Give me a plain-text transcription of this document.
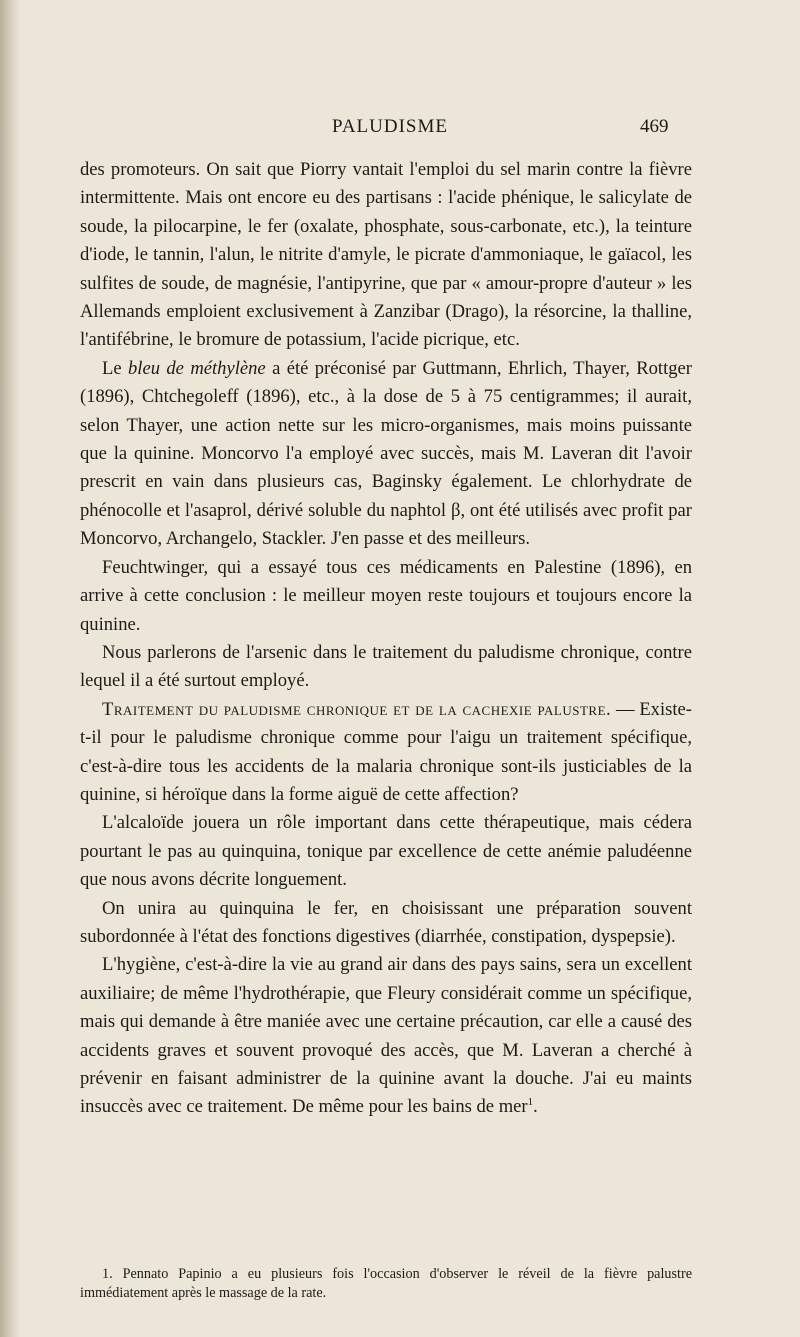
PALUDISME	469

des promoteurs. On sait que Piorry vantait l'emploi du sel marin contre la fièvre intermittente. Mais ont encore eu des partisans : l'acide phénique, le salicylate de soude, la pilocarpine, le fer (oxalate, phosphate, sous-carbonate, etc.), la teinture d'iode, le tannin, l'alun, le nitrite d'amyle, le picrate d'ammoniaque, le gaïacol, les sulfites de soude, de magnésie, l'antipyrine, que par « amour-propre d'auteur » les Allemands emploient exclusivement à Zanzibar (Drago), la résorcine, la thalline, l'antifébrine, le bromure de potassium, l'acide picrique, etc.

Le bleu de méthylène a été préconisé par Guttmann, Ehrlich, Thayer, Rottger (1896), Chtchegoleff (1896), etc., à la dose de 5 à 75 centigrammes; il aurait, selon Thayer, une action nette sur les micro-organismes, mais moins puissante que la quinine. Moncorvo l'a employé avec succès, mais M. Laveran dit l'avoir prescrit en vain dans plusieurs cas, Baginsky également. Le chlorhydrate de phénocolle et l'asaprol, dérivé soluble du naphtol β, ont été utilisés avec profit par Moncorvo, Archangelo, Stackler. J'en passe et des meilleurs.

Feuchtwinger, qui a essayé tous ces médicaments en Palestine (1896), en arrive à cette conclusion : le meilleur moyen reste toujours et toujours encore la quinine.

Nous parlerons de l'arsenic dans le traitement du paludisme chronique, contre lequel il a été surtout employé.

Traitement du paludisme chronique et de la cachexie palustre. — Existe-t-il pour le paludisme chronique comme pour l'aigu un traitement spécifique, c'est-à-dire tous les accidents de la malaria chronique sont-ils justiciables de la quinine, si héroïque dans la forme aiguë de cette affection?

L'alcaloïde jouera un rôle important dans cette thérapeutique, mais cédera pourtant le pas au quinquina, tonique par excellence de cette anémie paludéenne que nous avons décrite longuement.

On unira au quinquina le fer, en choisissant une préparation souvent subordonnée à l'état des fonctions digestives (diarrhée, constipation, dyspepsie).

L'hygiène, c'est-à-dire la vie au grand air dans des pays sains, sera un excellent auxiliaire; de même l'hydrothérapie, que Fleury considérait comme un spécifique, mais qui demande à être maniée avec une certaine précaution, car elle a causé des accidents graves et souvent provoqué des accès, que M. Laveran a cherché à prévenir en faisant administrer de la quinine avant la douche. J'ai eu maints insuccès avec ce traitement. De même pour les bains de mer$^1$.

1. Pennato Papinio a eu plusieurs fois l'occasion d'observer le réveil de la fièvre palustre immédiatement après le massage de la rate.
